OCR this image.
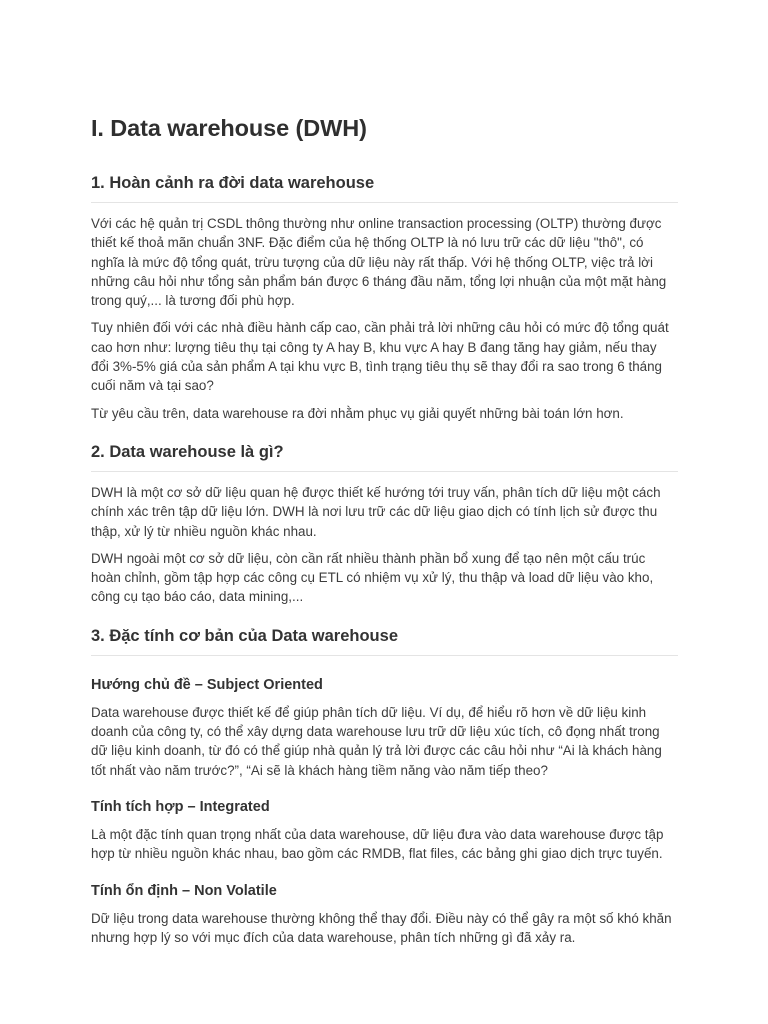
I. Data warehouse (DWH)
1. Hoàn cảnh ra đời data warehouse

Với các hệ quản trị CSDL thông thường như online transaction processing (OLTP) thường được thiết kế thoả mãn chuẩn 3NF. Đặc điểm của hệ thống OLTP là nó lưu trữ các dữ liệu "thô", có nghĩa là mức độ tổng quát, trừu tượng của dữ liệu này rất thấp. Với hệ thống OLTP, việc trả lời những câu hỏi như tổng sản phẩm bán được 6 tháng đầu năm, tổng lợi nhuận của một mặt hàng trong quý,... là tương đối phù hợp.

Tuy nhiên đối với các nhà điều hành cấp cao, cần phải trả lời những câu hỏi có mức độ tổng quát cao hơn như: lượng tiêu thụ tại công ty A hay B, khu vực A hay B đang tăng hay giảm, nếu thay đổi 3%-5% giá của sản phẩm A tại khu vực B, tình trạng tiêu thụ sẽ thay đổi ra sao trong 6 tháng cuối năm và tại sao?

Từ yêu cầu trên, data warehouse ra đời nhằm phục vụ giải quyết những bài toán lớn hơn.

2. Data warehouse là gì?

DWH là một cơ sở dữ liệu quan hệ được thiết kế hướng tới truy vấn, phân tích dữ liệu một cách chính xác trên tập dữ liệu lớn. DWH là nơi lưu trữ các dữ liệu giao dịch có tính lịch sử được thu thập, xử lý từ nhiều nguồn khác nhau.

DWH ngoài một cơ sở dữ liệu, còn cần rất nhiều thành phần bổ xung để tạo nên một cấu trúc hoàn chỉnh, gồm tập hợp các công cụ ETL có nhiệm vụ xử lý, thu thập và load dữ liệu vào kho, công cụ tạo báo cáo, data mining,...

3. Đặc tính cơ bản của Data warehouse
Hướng chủ đề – Subject Oriented

Data warehouse được thiết kế để giúp phân tích dữ liệu. Ví dụ, để hiểu rõ hơn về dữ liệu kinh doanh của công ty, có thể xây dựng data warehouse lưu trữ dữ liệu xúc tích, cô đọng nhất trong dữ liệu kinh doanh, từ đó có thể giúp nhà quản lý trả lời được các câu hỏi như “Ai là khách hàng tốt nhất vào năm trước?”, “Ai sẽ là khách hàng tiềm năng vào năm tiếp theo?

Tính tích hợp – Integrated

Là một đặc tính quan trọng nhất của data warehouse, dữ liệu đưa vào data warehouse được tập hợp từ nhiều nguồn khác nhau, bao gồm các RMDB, flat files, các bảng ghi giao dịch trực tuyến.

Tính ổn định – Non Volatile

Dữ liệu trong data warehouse thường không thể thay đổi. Điều này có thể gây ra một số khó khăn nhưng hợp lý so với mục đích của data warehouse, phân tích những gì đã xảy ra.
